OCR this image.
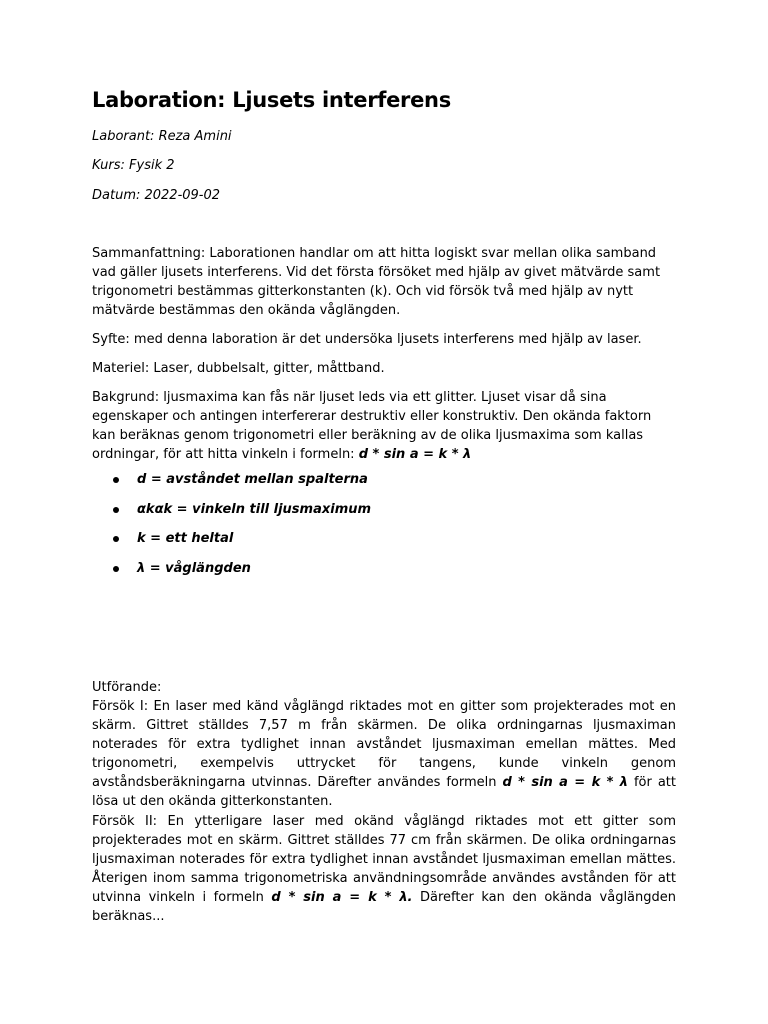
Laboration: Ljusets interferens
Laborant: Reza Amini
Kurs: Fysik 2
Datum: 2022-09-02

Sammanfattning: Laborationen handlar om att hitta logiskt svar mellan olika samband vad gäller ljusets interferens. Vid det första försöket med hjälp av givet mätvärde samt trigonometri bestämmas gitterkonstanten (k). Och vid försök två med hjälp av nytt mätvärde bestämmas den okända våglängden.

Syfte: med denna laboration är det undersöka ljusets interferens med hjälp av laser.

Materiel: Laser, dubbelsalt, gitter, måttband.

Bakgrund: ljusmaxima kan fås när ljuset leds via ett glitter. Ljuset visar då sina egenskaper och antingen interfererar destruktiv eller konstruktiv. Den okända faktorn kan beräknas genom trigonometri eller beräkning av de olika ljusmaxima som kallas ordningar, för att hitta vinkeln i formeln: d * sin a = k * λ

d = avståndet mellan spalterna
αkαk = vinkeln till ljusmaximum
k = ett heltal
λ = våglängden
Utförande:

Försök I: En laser med känd våglängd riktades mot en gitter som projekterades mot en skärm. Gittret ställdes 7,57 m från skärmen. De olika ordningarnas ljusmaximan noterades för extra tydlighet innan avståndet ljusmaximan emellan mättes. Med trigonometri, exempelvis uttrycket för tangens, kunde vinkeln genom avståndsberäkningarna utvinnas. Därefter användes formeln d * sin a = k * λ för att lösa ut den okända gitterkonstanten.

Försök II: En ytterligare laser med okänd våglängd riktades mot ett gitter som projekterades mot en skärm. Gittret ställdes 77 cm från skärmen. De olika ordningarnas ljusmaximan noterades för extra tydlighet innan avståndet ljusmaximan emellan mättes. Återigen inom samma trigonometriska användningsområde användes avstånden för att utvinna vinkeln i formeln d * sin a = k * λ. Därefter kan den okända våglängden beräknas...
